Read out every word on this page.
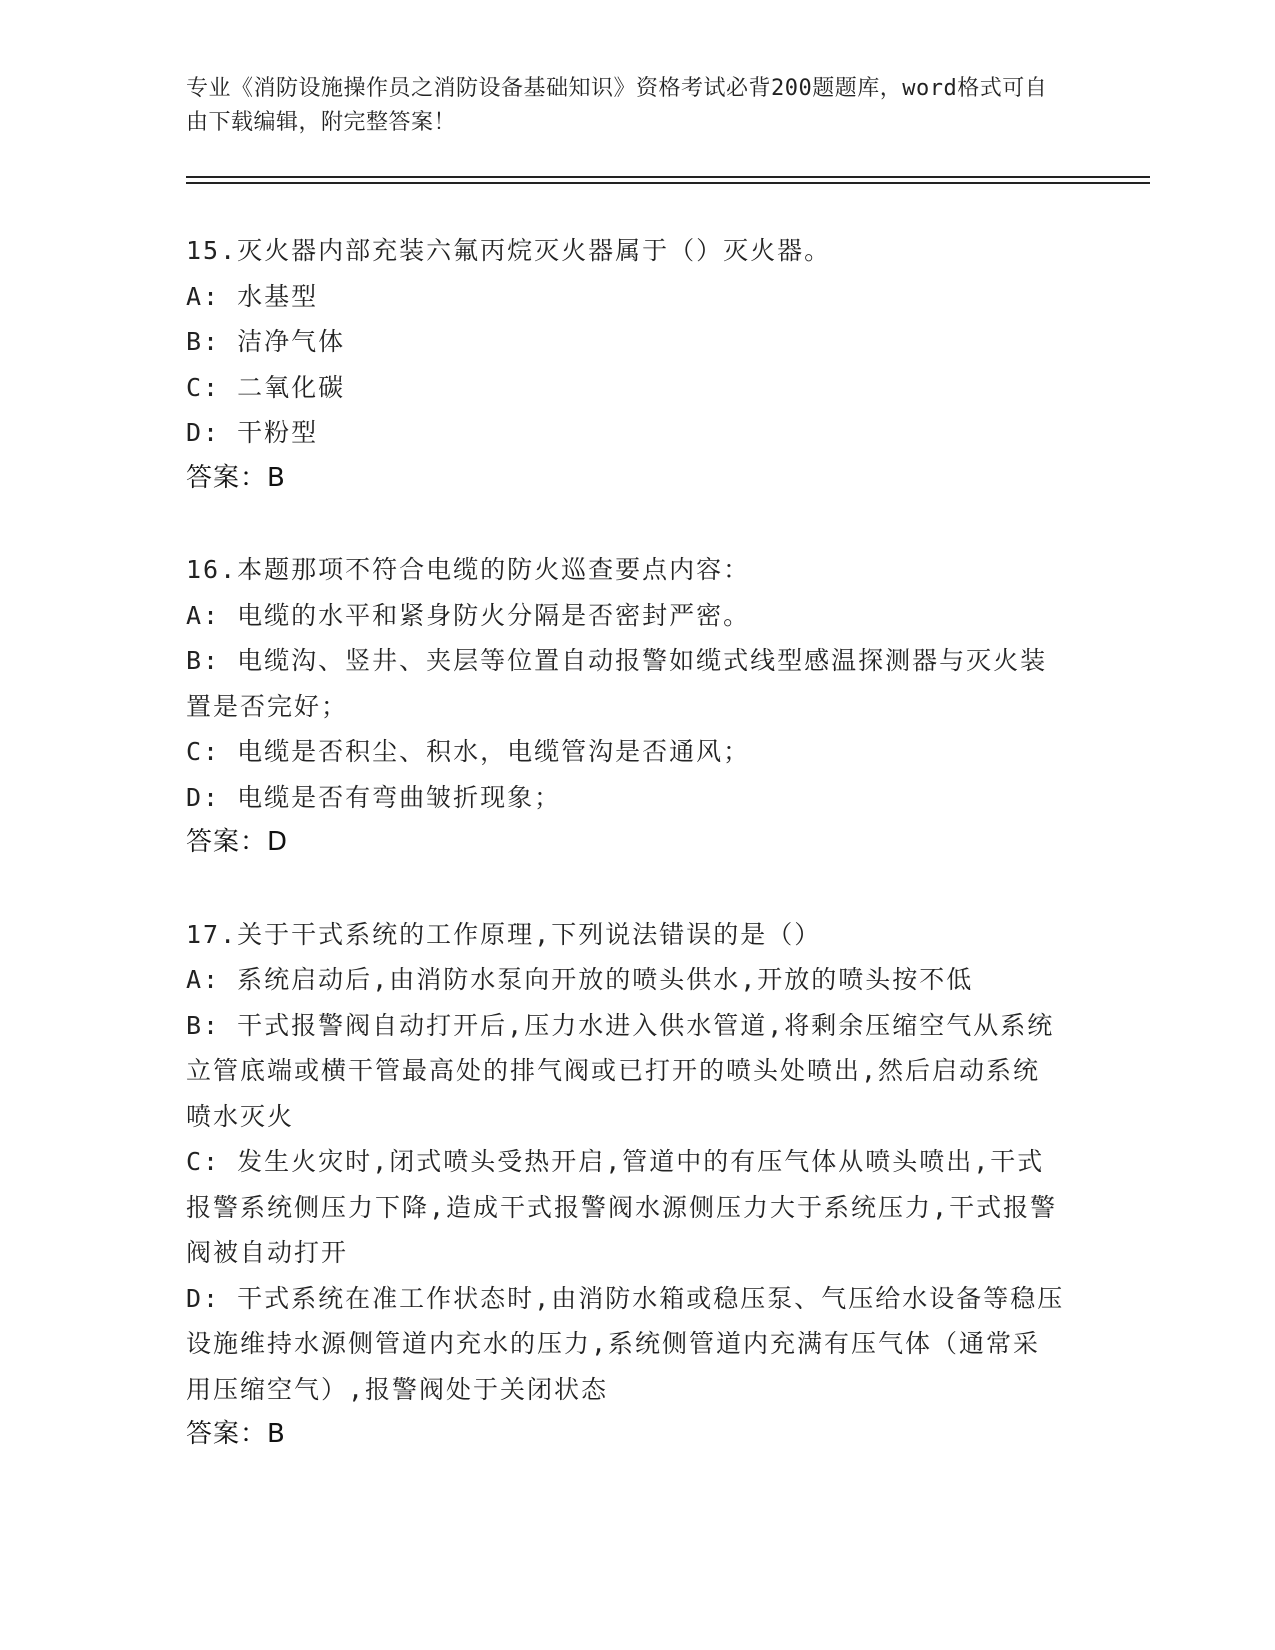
专业《消防设施操作员之消防设备基础知识》资格考试必背200题题库，word格式可自由下载编辑，附完整答案！

15.灭火器内部充装六氟丙烷灭火器属于（）灭火器。

A: 水基型

B: 洁净气体

C: 二氧化碳

D: 干粉型

答案：B

16.本题那项不符合电缆的防火巡查要点内容：

A: 电缆的水平和紧身防火分隔是否密封严密。

B: 电缆沟、竖井、夹层等位置自动报警如缆式线型感温探测器与灭火装置是否完好；

C: 电缆是否积尘、积水，电缆管沟是否通风；

D: 电缆是否有弯曲皱折现象；

答案：D

17.关于干式系统的工作原理,下列说法错误的是（）

A: 系统启动后,由消防水泵向开放的喷头供水,开放的喷头按不低

B: 干式报警阀自动打开后,压力水进入供水管道,将剩余压缩空气从系统立管底端或横干管最高处的排气阀或已打开的喷头处喷出,然后启动系统喷水灭火

C: 发生火灾时,闭式喷头受热开启,管道中的有压气体从喷头喷出,干式报警系统侧压力下降,造成干式报警阀水源侧压力大于系统压力,干式报警阀被自动打开

D: 干式系统在准工作状态时,由消防水箱或稳压泵、气压给水设备等稳压设施维持水源侧管道内充水的压力,系统侧管道内充满有压气体（通常采用压缩空气）,报警阀处于关闭状态

答案：B
